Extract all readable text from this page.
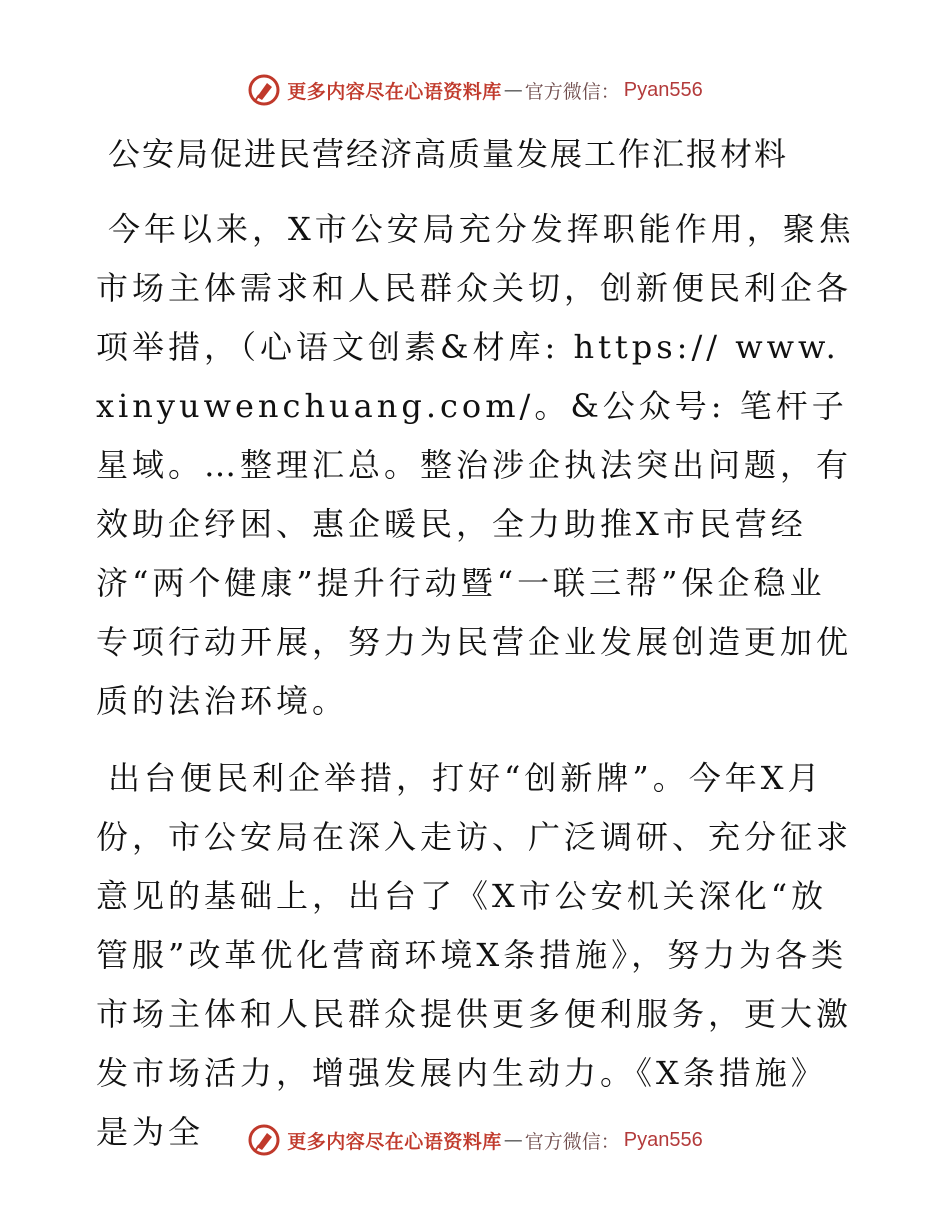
更多内容尽在心语资料库 — 官方微信： Pyan556
公安局促进民营经济高质量发展工作汇报材料

今年以来，X市公安局充分发挥职能作用，聚焦市场主体需求和人民群众关切，创新便民利企各项举措，（心语文创素&材库: https:// www.xinyuwenchuang.com/。&公众号: 笔杆子星域。…整理汇总。整治涉企执法突出问题，有效助企纾困、惠企暖民，全力助推X市民营经济“两个健康”提升行动暨“一联三帮”保企稳业专项行动开展，努力为民营企业发展创造更加优质的法治环境。

出台便民利企举措，打好“创新牌”。今年X月份，市公安局在深入走访、广泛调研、充分征求意见的基础上，出台了《X市公安机关深化“放管服”改革优化营商环境X条措施》，努力为各类市场主体和人民群众提供更多便利服务，更大激发市场活力，增强发展内生动力。《X条措施》是为全	更多内容尽在心语资料库 — 官方微信： Pyan556
